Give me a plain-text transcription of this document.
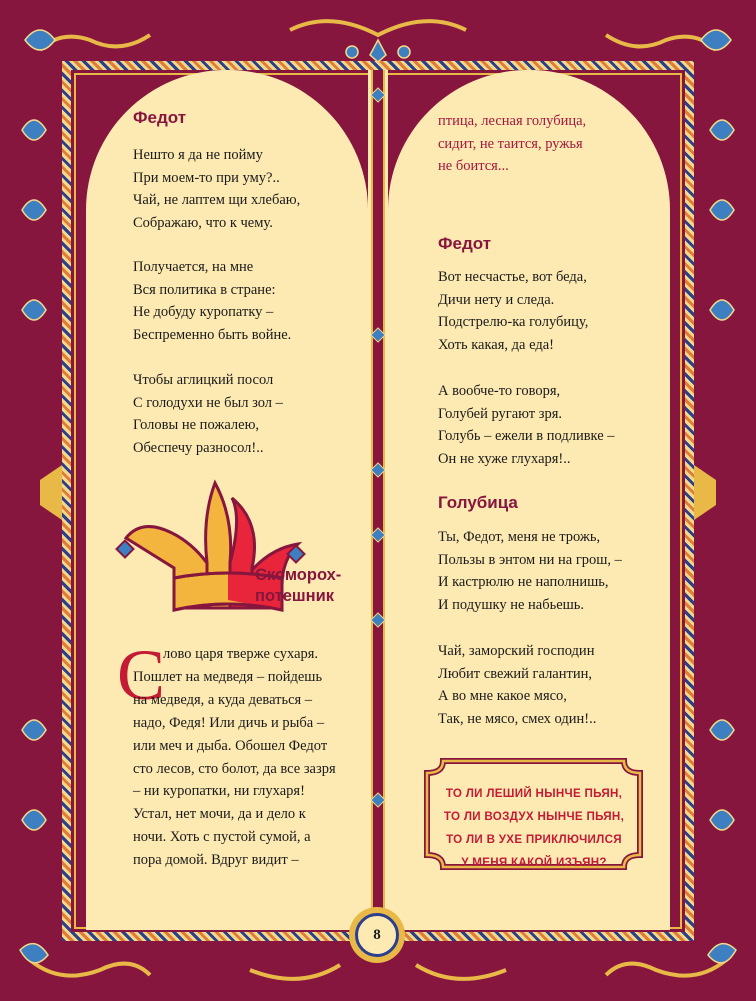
Федот

Нешто я да не пойму
При моем-то при уму?..
Чай, не лаптем щи хлебаю,
Сображаю, что к чему.

Получается, на мне
Вся политика в стране:
Не добуду куропатку –
Беспременно быть войне.

Чтобы аглицкий посол
С голодухи не был зол –
Головы не пожалею,
Обеспечу разносол!..

Скоморох-
потешник
С
лово царя тверже сухаря. Пошлет на медведя – пойдешь на медведя, а куда деваться – надо, Федя! Или дичь и рыба – или меч и дыба. Обошел Федот сто лесов, сто болот, да все зазря – ни куропатки, ни глухаря! Устал, нет мочи, да и дело к ночи. Хоть с пустой сумой, а пора домой. Вдруг видит –

птица, лесная голубица,
сидит, не таится, ружья
не боится...

Федот

Вот несчастье, вот беда,
Дичи нету и следа.
Подстрелю-ка голубицу,
Хоть какая, да еда!

А вообче-то говоря,
Голубей ругают зря.
Голубь – ежели в подливке –
Он не хуже глухаря!..

Голубица

Ты, Федот, меня не трожь,
Пользы в энтом ни на грош, –
И кастрюлю не наполнишь,
И подушку не набьешь.

Чай, заморский господин
Любит свежий галантин,
А во мне какое мясо,
Так, не мясо, смех один!..

ТО ЛИ ЛЕШИЙ НЫНЧЕ ПЬЯН,
ТО ЛИ ВОЗДУХ НЫНЧЕ ПЬЯН,
ТО ЛИ В УХЕ ПРИКЛЮЧИЛСЯ
У МЕНЯ КАКОЙ ИЗЪЯН?
8
